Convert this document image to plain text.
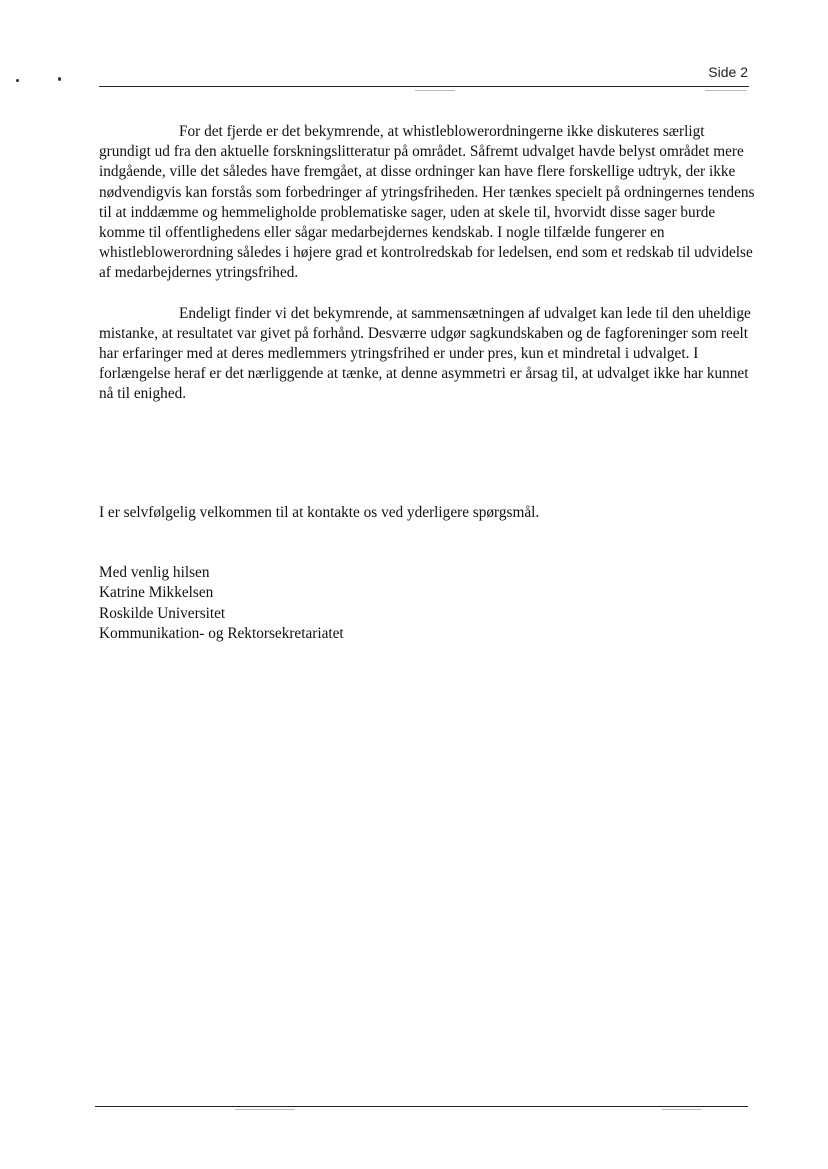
Side 2

For det fjerde er det bekymrende, at whistleblowerordningerne ikke diskuteres særligt grundigt ud fra den aktuelle forskningslitteratur på området. Såfremt udvalget havde belyst området mere indgående, ville det således have fremgået, at disse ordninger kan have flere forskellige udtryk, der ikke nødvendigvis kan forstås som forbedringer af ytringsfriheden. Her tænkes specielt på ordningernes tendens til at inddæmme og hemmeligholde problematiske sager, uden at skele til, hvorvidt disse sager burde komme til offentlighedens eller sågar medarbejdernes kendskab. I nogle tilfælde fungerer en whistleblowerordning således i højere grad et kontrolredskab for ledelsen, end som et redskab til udvidelse af medarbejdernes ytringsfrihed.

Endeligt finder vi det bekymrende, at sammensætningen af udvalget kan lede til den uheldige mistanke, at resultatet var givet på forhånd. Desværre udgør sagkundskaben og de fagforeninger som reelt har erfaringer med at deres medlemmers ytringsfrihed er under pres, kun et mindretal i udvalget. I forlængelse heraf er det nærliggende at tænke, at denne asymmetri er årsag til, at udvalget ikke har kunnet nå til enighed.

I er selvfølgelig velkommen til at kontakte os ved yderligere spørgsmål.

Med venlig hilsen
Katrine Mikkelsen
Roskilde Universitet
Kommunikation- og Rektorsekretariatet
